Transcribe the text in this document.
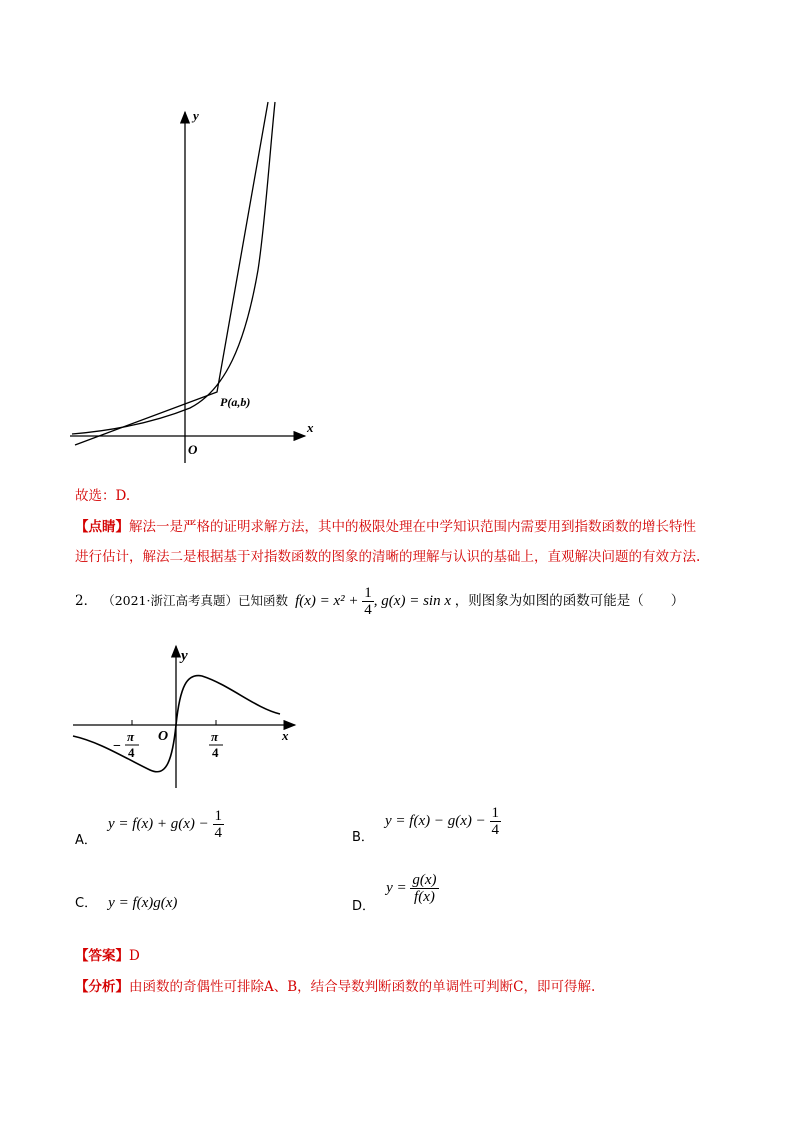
y
x
O
P(a,b)
故选：D.
【点睛】解法一是严格的证明求解方法，其中的极限处理在中学知识范围内需要用到指数函数的增长特性
进行估计，解法二是根据基于对指数函数的图象的清晰的理解与认识的基础上，直观解决问题的有效方法.
2． （2021·浙江高考真题）已知函数 $f(x) = x^2 + \frac{1}{4}$ , g(x) = sin x ，则图象为如图的函数可能是（　　）
y
x
O
−
π
4
π
4
$_{A.}$ $y = f(x) + g(x) - \frac{1}{4}$	$_{B.}$ $y = f(x) - g(x) - \frac{1}{4}$
C． y = f(x)g(x)	$_{D.}$ $y = \frac{g(x)}{f(x)}$
【答案】D
【分析】由函数的奇偶性可排除A、B，结合导数判断函数的单调性可判断C，即可得解.
